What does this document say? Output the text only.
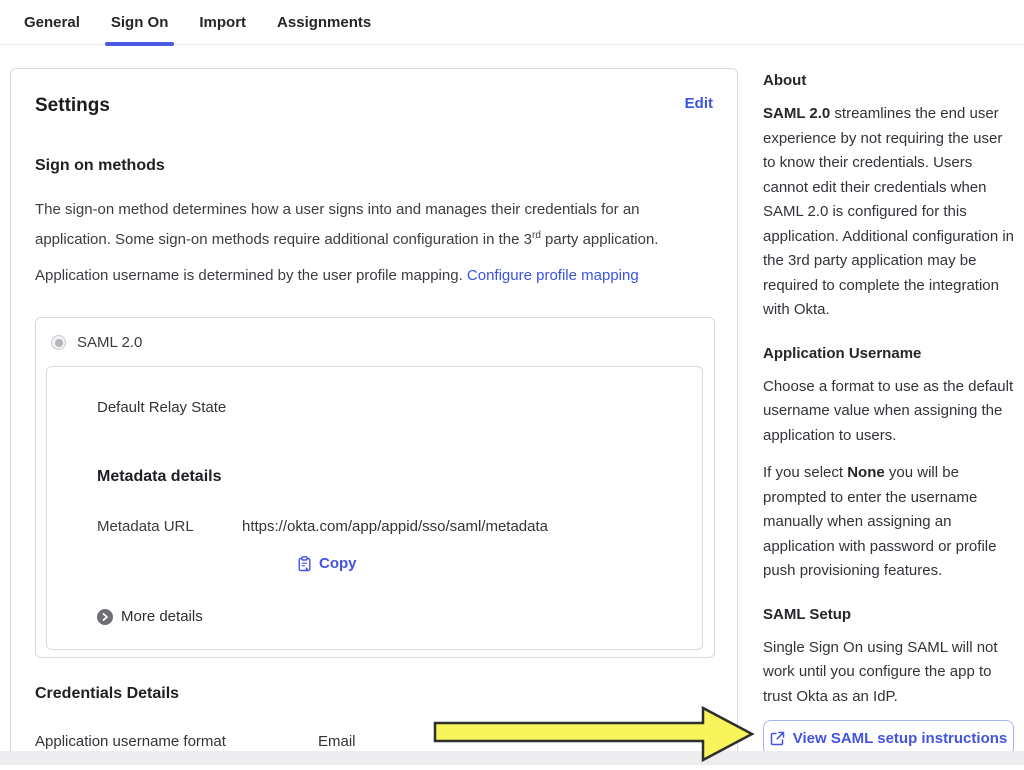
General Sign On Import Assignments
Settings	Edit
Sign on methods

The sign-on method determines how a user signs into and manages their credentials for an application. Some sign-on methods require additional configuration in the 3rd party application.

Application username is determined by the user profile mapping. Configure profile mapping

SAML 2.0
Default Relay State
Metadata details
Metadata URL	https://okta.com/app/appid/sso/saml/metadata
Copy
More details
Credentials Details
Application username format	Email
About

SAML 2.0 streamlines the end user experience by not requiring the user to know their credentials. Users cannot edit their credentials when SAML 2.0 is configured for this application. Additional configuration in the 3rd party application may be required to complete the integration with Okta.

Application Username

Choose a format to use as the default username value when assigning the application to users.

If you select None you will be prompted to enter the username manually when assigning an application with password or profile push provisioning features.

SAML Setup

Single Sign On using SAML will not work until you configure the app to trust Okta as an IdP.

View SAML setup instructions
